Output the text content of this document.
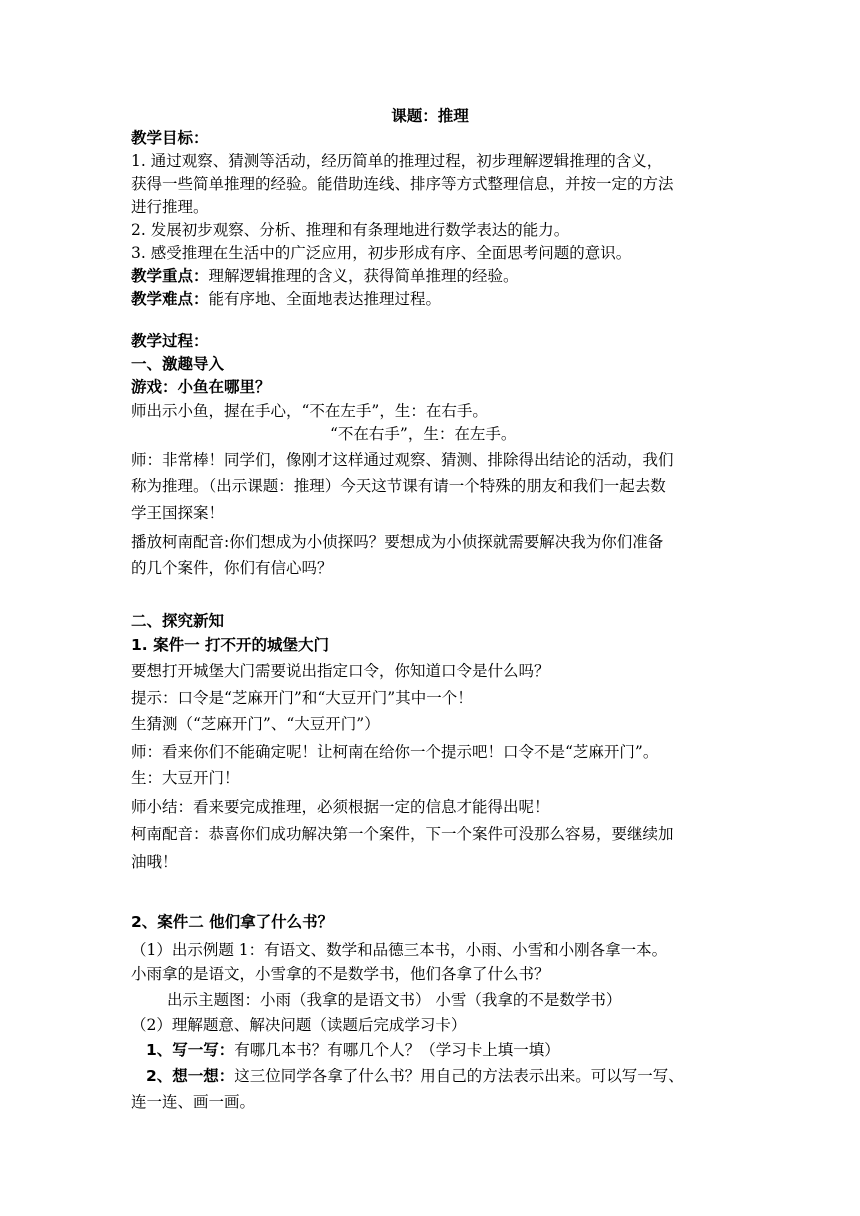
课题：推理
教学目标：
1. 通过观察、猜测等活动，经历简单的推理过程，初步理解逻辑推理的含义，
获得一些简单推理的经验。能借助连线、排序等方式整理信息，并按一定的方法
进行推理。
2. 发展初步观察、分析、推理和有条理地进行数学表达的能力。
3. 感受推理在生活中的广泛应用，初步形成有序、全面思考问题的意识。
教学重点：理解逻辑推理的含义，获得简单推理的经验。
教学难点：能有序地、全面地表达推理过程。
教学过程：
一、激趣导入
游戏：小鱼在哪里？
师出示小鱼，握在手心，“不在左手”，生：在右手。
“不在右手”，生：在左手。
师：非常棒！同学们，像刚才这样通过观察、猜测、排除得出结论的活动，我们
称为推理。（出示课题：推理）今天这节课有请一个特殊的朋友和我们一起去数
学王国探案！
播放柯南配音:你们想成为小侦探吗？要想成为小侦探就需要解决我为你们准备
的几个案件，你们有信心吗？
二、探究新知
1. 案件一 打不开的城堡大门
要想打开城堡大门需要说出指定口令，你知道口令是什么吗？
提示：口令是“芝麻开门”和“大豆开门”其中一个！
生猜测（“芝麻开门”、“大豆开门”）
师：看来你们不能确定呢！让柯南在给你一个提示吧！口令不是“芝麻开门”。
生：大豆开门！
师小结：看来要完成推理，必须根据一定的信息才能得出呢！
柯南配音：恭喜你们成功解决第一个案件，下一个案件可没那么容易，要继续加
油哦！
2、案件二 他们拿了什么书？
（1）出示例题 1：有语文、数学和品德三本书，小雨、小雪和小刚各拿一本。
小雨拿的是语文，小雪拿的不是数学书，他们各拿了什么书？
出示主题图：小雨（我拿的是语文书） 小雪（我拿的不是数学书）
（2）理解题意、解决问题（读题后完成学习卡）
1、写一写：有哪几本书？有哪几个人？（学习卡上填一填）
2、想一想：这三位同学各拿了什么书？用自己的方法表示出来。可以写一写、
连一连、画一画。
